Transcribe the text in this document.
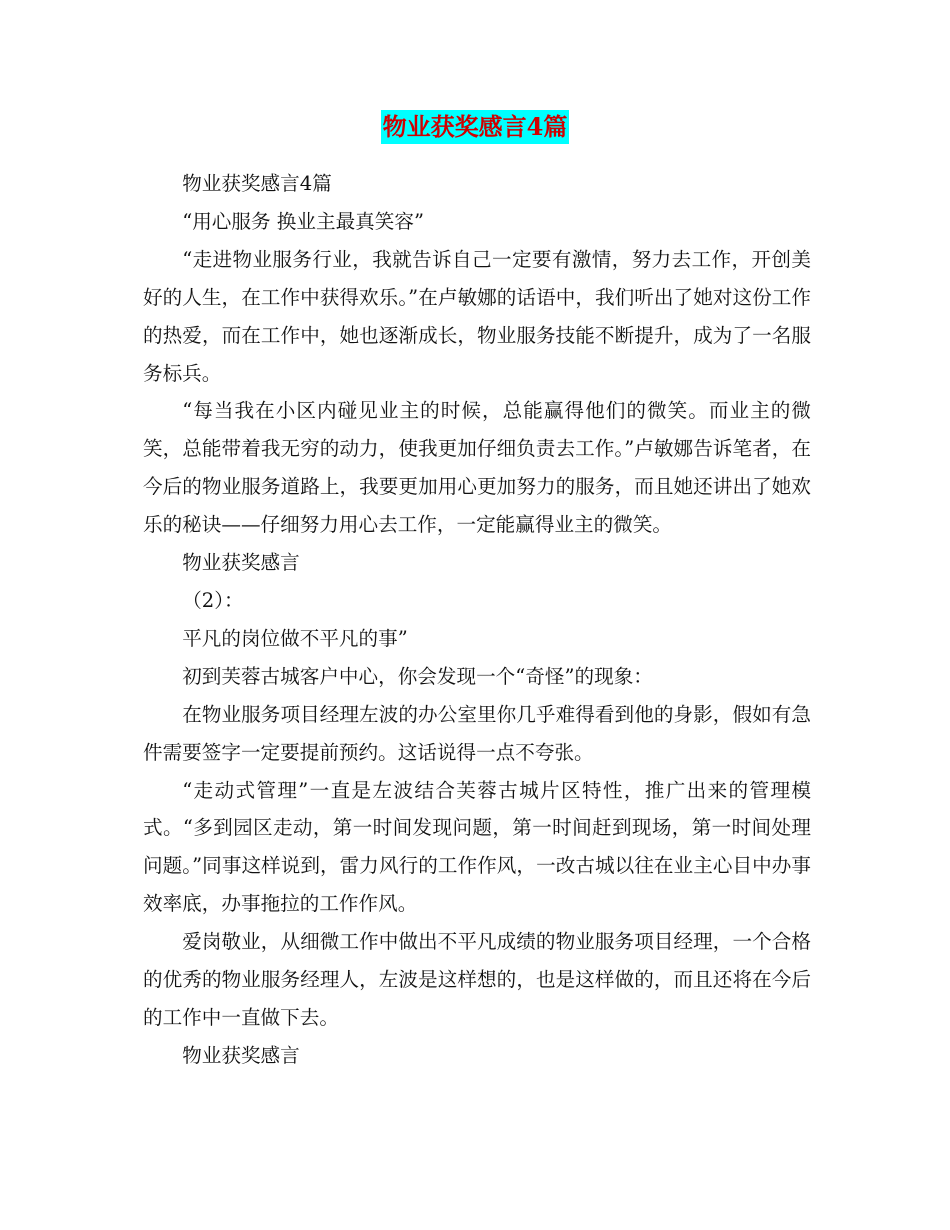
物业获奖感言4篇

物业获奖感言4篇

“用心服务 换业主最真笑容”

“走进物业服务行业，我就告诉自己一定要有激情，努力去工作，开创美好的人生，在工作中获得欢乐。”在卢敏娜的话语中，我们听出了她对这份工作的热爱，而在工作中，她也逐渐成长，物业服务技能不断提升，成为了一名服务标兵。

“每当我在小区内碰见业主的时候，总能赢得他们的微笑。而业主的微笑，总能带着我无穷的动力，使我更加仔细负责去工作。”卢敏娜告诉笔者，在今后的物业服务道路上，我要更加用心更加努力的服务，而且她还讲出了她欢乐的秘诀——仔细努力用心去工作，一定能赢得业主的微笑。

物业获奖感言

（2）：

平凡的岗位做不平凡的事”

初到芙蓉古城客户中心，你会发现一个“奇怪”的现象：

在物业服务项目经理左波的办公室里你几乎难得看到他的身影，假如有急件需要签字一定要提前预约。这话说得一点不夸张。

“走动式管理”一直是左波结合芙蓉古城片区特性，推广出来的管理模式。“多到园区走动，第一时间发现问题，第一时间赶到现场，第一时间处理问题。”同事这样说到，雷力风行的工作作风，一改古城以往在业主心目中办事效率底，办事拖拉的工作作风。

爱岗敬业，从细微工作中做出不平凡成绩的物业服务项目经理，一个合格的优秀的物业服务经理人，左波是这样想的，也是这样做的，而且还将在今后的工作中一直做下去。

物业获奖感言
